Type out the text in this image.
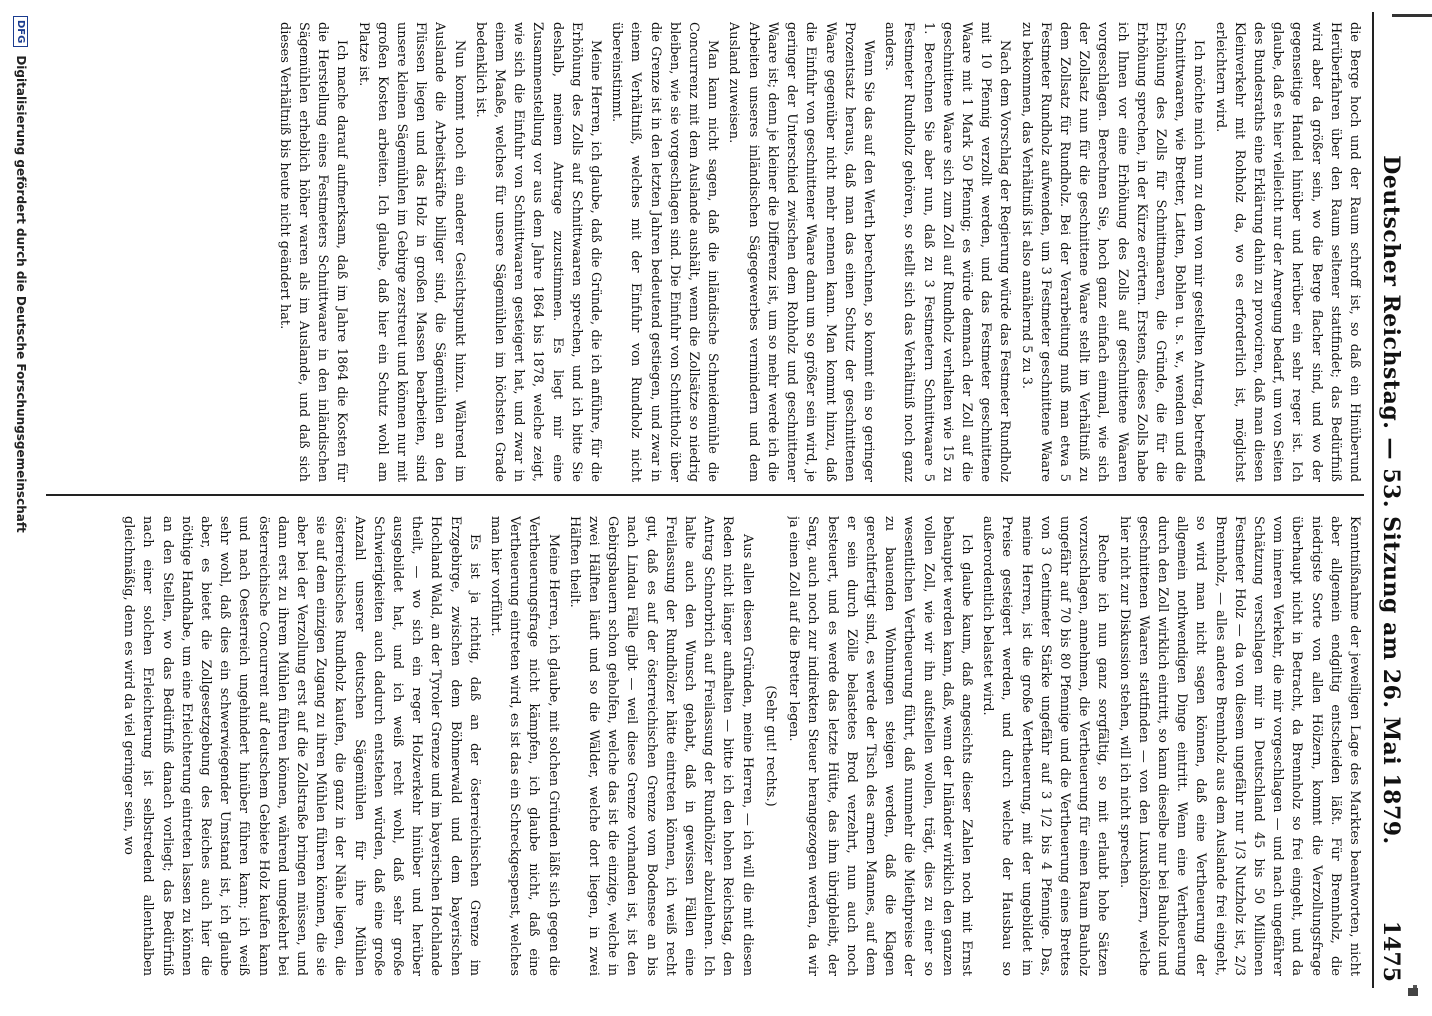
Deutscher Reichstag. — 53. Sitzung am 26. Mai 1879.
1475

die Berge hoch und der Raum schroff ist, so daß ein Hinüberund Herüberfahren über den Raum seltener stattfindet; das Bedürfniß wird aber da größer sein, wo die Berge flacher sind, und wo der gegenseitige Handel hinüber und herüber ein sehr reger ist. Ich glaube, daß es hier vielleicht nur der Anregung bedarf, um von Seiten des Bundesraths eine Erklärung dahin zu provociren, daß man diesen Kleinverkehr mit Rohholz da, wo es erforderlich ist, möglichst erleichtern wird.

Ich möchte mich nun zu dem von mir gestellten Antrag, betreffend Schnittwaaren, wie Bretter, Latten, Bohlen u. s. w., wenden und die Erhöhung des Zolls für Schnittmaaren, die Gründe, die für die Erhöhung sprechen, in der Kürze erörtern. Erstens, dieses Zolls habe ich Ihnen vor eine Erhöhung des Zolls auf geschnittene Waaren vorgeschlagen. Berechnen Sie, hoch ganz einfach einmal, wie sich der Zollsatz nun für die geschnittene Waare stellt im Verhältniß zu dem Zollsatz für Rundholz. Bei der Verarbeitung muß man etwa 5 Festmeter Rundholz aufwenden, um 3 Festmeter geschnittene Waare zu bekommen, das Verhältniß ist also annähernd 5 zu 3.

Nach dem Vorschlag der Regierung würde das Festmeter Rundholz mit 10 Pfennig verzollt werden, und das Festmeter geschnittene Waare mit 1 Mark 50 Pfennig; es würde demnach der Zoll auf die geschnittene Waare sich zum Zoll auf Rundholz verhalten wie 15 zu 1. Berechnen Sie aber nun, daß zu 3 Festmetern Schnittwaare 5 Festmeter Rundholz gehören, so stellt sich das Verhältniß noch ganz anders.

Wenn Sie das auf den Werth berechnen, so kommt ein so geringer Prozentsatz heraus, daß man das einen Schutz der geschnittenen Waare gegenüber nicht mehr nennen kann. Man kommt hinzu, daß die Einfuhr von geschnittener Waare dann um so größer sein wird, je geringer der Unterschied zwischen dem Rohholz und geschnittener Waare ist; denn je kleiner die Differenz ist, um so mehr werde ich die Arbeiten unseres inländischen Sägegewerbes vermindern und dem Ausland zuweisen.

Man kann nicht sagen, daß die inländische Schneidemühle die Concurrenz mit dem Auslande aushält, wenn die Zollsätze so niedrig bleiben, wie sie vorgeschlagen sind. Die Einfuhr von Schnittholz über die Grenze ist in den letzten Jahren bedeutend gestiegen, und zwar in einem Verhältniß, welches mit der Einfuhr von Rundholz nicht übereinstimmt.

Meine Herren, ich glaube, daß die Gründe, die ich anführe, für die Erhöhung des Zolls auf Schnittwaaren sprechen, und ich bitte Sie deshalb, meinem Antrage zuzustimmen. Es liegt mir eine Zusammenstellung vor aus dem Jahre 1864 bis 1878, welche zeigt, wie sich die Einfuhr von Schnittwaaren gesteigert hat, und zwar in einem Maaße, welches für unsere Sägemühlen im höchsten Grade bedenklich ist.

Nun kommt noch ein anderer Gesichtspunkt hinzu. Während im Auslande die Arbeitskräfte billiger sind, die Sägemühlen an den Flüssen liegen und das Holz in großen Massen bearbeiten, sind unsere kleinen Sägemühlen im Gebirge zerstreut und können nur mit großen Kosten arbeiten. Ich glaube, daß hier ein Schutz wohl am Platze ist.

Ich mache darauf aufmerksam, daß im Jahre 1864 die Kosten für die Herstellung eines Festmeters Schnittwaare in den inländischen Sägemühlen erheblich höher waren als im Auslande, und daß sich dieses Verhältniß bis heute nicht geändert hat.

Kenntnißnahme der jeweiligen Lage des Marktes beantworten, nicht aber allgemein endgiltig entscheiden läßt. Für Brennholz, die niedrigste Sorte von allen Hölzern, kommt die Verzollungsfrage überhaupt nicht in Betracht, da Brennholz so frei eingeht, und da vom inneren Verkehr, die mir vorgeschlagen — und nach ungefährer Schätzung verschlagen mir in Deutschland 45 bis 50 Millionen Festmeter Holz — da von diesem ungefähr nur 1/3 Nutzholz ist, 2/3 Brennholz, — alles andere Brennholz aus dem Auslande frei eingeht, so wird man nicht sagen können, daß eine Vertheuerung der allgemein nothwendigen Dinge eintritt. Wenn eine Vertheuerung durch den Zoll wirklich eintritt, so kann dieselbe nur bei Bauholz und geschnittenen Waaren stattfinden — von den Luxushölzern, welche hier nicht zur Diskussion stehen, will ich nicht sprechen.

Rechne ich nun ganz sorgfältig, so mit erlaubt hohe Sätzen vorzuschlagen, annehmen, die Vertheuerung für einen Raum Bauholz ungefähr auf 70 bis 80 Pfennige und die Vertheuerung eines Brettes von 3 Centimeter Stärke ungefähr auf 3 1/2 bis 4 Pfennige. Das, meine Herren, ist die große Vertheuerung, mit der ungebildet im Preise gesteigert werden, und durch welche der Hausbau so außerordentlich belastet wird.

Ich glaube kaum, daß angesichts dieser Zahlen noch mit Ernst behauptet werden kann, daß, wenn der Inländer wirklich den ganzen vollen Zoll, wie wir ihn aufstellen wollen, trägt, dies zu einer so wesentlichen Vertheuerung führt, daß nunmehr die Miethpreise der zu bauenden Wohnungen steigen werden, daß die Klagen gerechtfertigt sind, es werde der Tisch des armen Mannes, auf dem er sein durch Zölle belastetes Brod verzehrt, nun auch noch besteuert, und es werde das letzte Hütte, das ihm übrigbleibt, der Sarg, auch noch zur indirekten Steuer herangezogen werden, da wir ja einen Zoll auf die Bretter legen.

(Sehr gut! rechts.)

Aus allen diesen Gründen, meine Herren, — ich will die mit diesen Reden nicht länger aufhalten — bitte ich den hohen Reichstag, den Antrag Schnorbrich auf Freilassung der Rundhölzer abzulehnen. Ich halte auch den Wunsch gehabt, daß in gewissen Fällen eine Freilassung der Rundhölzer hätte eintreten können, ich weiß recht gut, daß es auf der österreichischen Grenze vom Bodensee an bis nach Lindau Fälle gibt — weil diese Grenze vorhanden ist, ist den Gebirgsbauern schon geholfen, welche das ist die einzige, welche in zwei Hälften läuft und so die Wälder, welche dort liegen, in zwei Hälften theilt.

Meine Herren, ich glaube, mit solchen Gründen läßt sich gegen die Vertheuerungsfrage nicht kämpfen, ich glaube nicht, daß eine Vertheuerung eintreten wird, es ist das ein Schreckgespenst, welches man hier vorführt.

Es ist ja richtig, daß an der österreichischen Grenze im Erzgebirge, zwischen dem Böhmerwald und dem bayerischen Hochland Wald, an der Tyroler Grenze und im bayerischen Hochlande theilt, — wo sich ein reger Holzverkehr hinüber und herüber ausgebildet hat, und ich weiß recht wohl, daß sehr große Schwierigkeiten auch dadurch entstehen würden, daß eine große Anzahl unserer deutschen Sägemühlen für ihre Mühlen österreichisches Rundholz kaufen, die ganz in der Nähe liegen, die sie auf dem einzigen Zugang zu ihren Mühlen führen können, die sie aber bei der Verzollung erst auf die Zollstraße bringen müssen, und dann erst zu ihrem Mühlen führen können, während umgekehrt bei österreichische Concurrent auf deutschem Gebiete Holz kaufen kann und nach Oesterreich ungehindert hinüber führen kann; ich weiß sehr wohl, daß dies ein schwerwiegender Umstand ist, ich glaube aber, es bietet die Zollgesetzgebung des Reiches auch hier die nöthige Handhabe, um eine Erleichterung eintreten lassen zu können an den Stellen, wo das Bedürfniß danach vorliegt; das Bedürfniß nach einer solchen Erleichterung ist selbstredend allenthalben gleichmäßig, denn es wird da viel geringer sein, wo

DFGDigitalisierung gefördert durch die Deutsche Forschungsgemeinschaft
